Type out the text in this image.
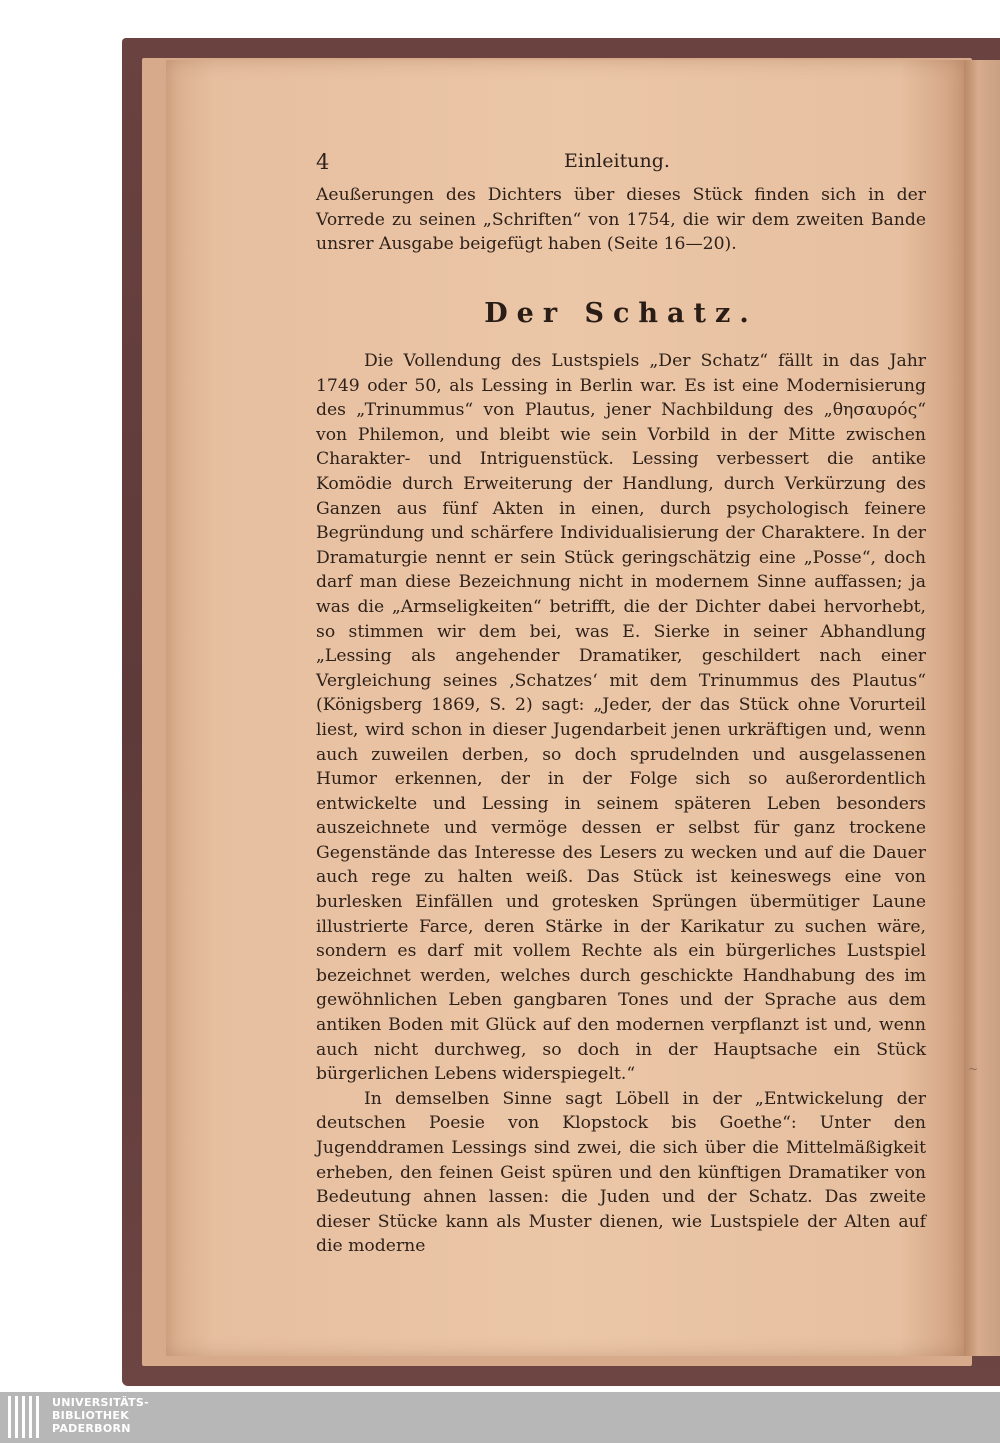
4	Einleitung.

Aeußerungen des Dichters über dieses Stück finden sich in der Vorrede zu seinen „Schriften“ von 1754, die wir dem zweiten Bande unsrer Ausgabe beigefügt haben (Seite 16—20).

Der Schatz.

Die Vollendung des Lustspiels „Der Schatz“ fällt in das Jahr 1749 oder 50, als Lessing in Berlin war. Es ist eine Modernisierung des „Trinummus“ von Plautus, jener Nachbildung des „θησαυρός“ von Philemon, und bleibt wie sein Vorbild in der Mitte zwischen Charakter- und Intriguenstück. Lessing verbessert die antike Komödie durch Erweiterung der Handlung, durch Verkürzung des Ganzen aus fünf Akten in einen, durch psychologisch feinere Begründung und schärfere Individualisierung der Charaktere. In der Dramaturgie nennt er sein Stück geringschätzig eine „Posse“, doch darf man diese Bezeichnung nicht in modernem Sinne auffassen; ja was die „Armseligkeiten“ betrifft, die der Dichter dabei hervorhebt, so stimmen wir dem bei, was E. Sierke in seiner Abhandlung „Lessing als angehender Dramatiker, geschildert nach einer Vergleichung seines ‚Schatzes‘ mit dem Trinummus des Plautus“ (Königsberg 1869, S. 2) sagt: „Jeder, der das Stück ohne Vorurteil liest, wird schon in dieser Jugendarbeit jenen urkräftigen und, wenn auch zuweilen derben, so doch sprudelnden und ausgelassenen Humor erkennen, der in der Folge sich so außerordentlich entwickelte und Lessing in seinem späteren Leben besonders auszeichnete und vermöge dessen er selbst für ganz trockene Gegenstände das Interesse des Lesers zu wecken und auf die Dauer auch rege zu halten weiß. Das Stück ist keineswegs eine von burlesken Einfällen und grotesken Sprüngen übermütiger Laune illustrierte Farce, deren Stärke in der Karikatur zu suchen wäre, sondern es darf mit vollem Rechte als ein bürgerliches Lustspiel bezeichnet werden, welches durch geschickte Handhabung des im gewöhnlichen Leben gangbaren Tones und der Sprache aus dem antiken Boden mit Glück auf den modernen verpflanzt ist und, wenn auch nicht durchweg, so doch in der Hauptsache ein Stück bürgerlichen Lebens widerspiegelt.“

In demselben Sinne sagt Löbell in der „Entwickelung der deutschen Poesie von Klopstock bis Goethe“: Unter den Jugenddramen Lessings sind zwei, die sich über die Mittelmäßigkeit erheben, den feinen Geist spüren und den künftigen Dramatiker von Bedeutung ahnen lassen: die Juden und der Schatz. Das zweite dieser Stücke kann als Muster dienen, wie Lustspiele der Alten auf die moderne

~
UNIVERSITÄTS-
BIBLIOTHEK
PADERBORN
